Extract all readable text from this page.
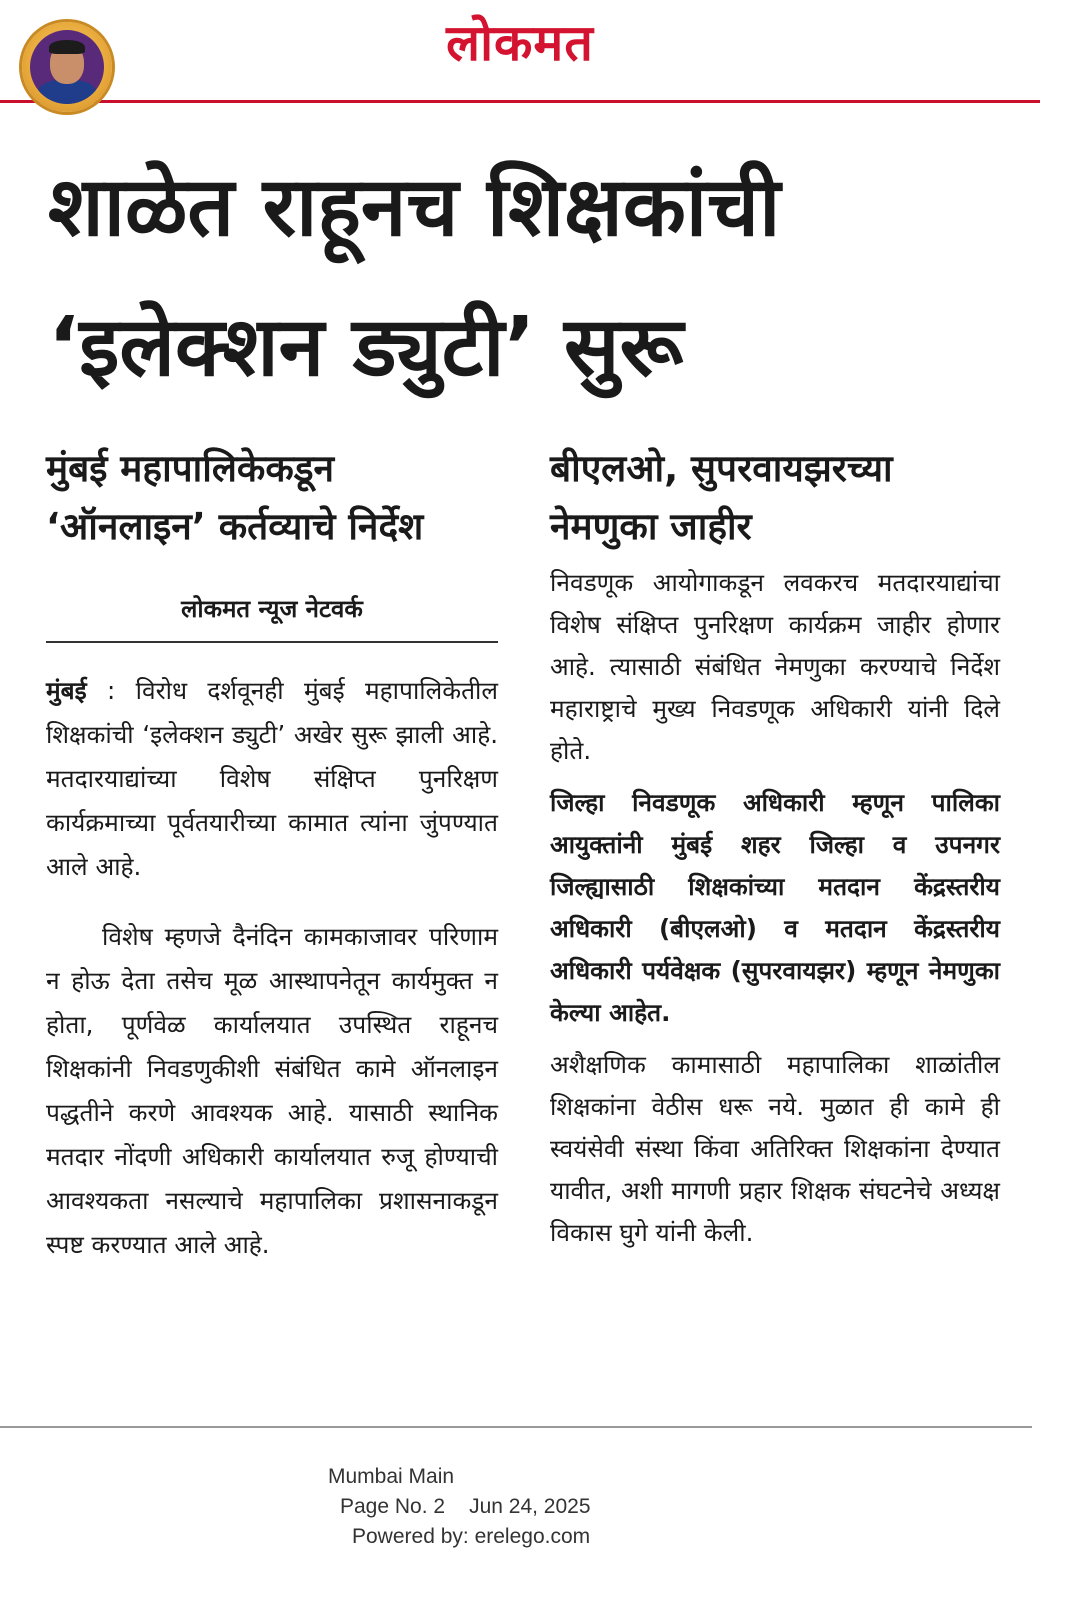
लोकमत
शाळेत राहूनच शिक्षकांची
‘इलेक्शन ड्युटी’ सुरू

मुंबई महापालिकेकडून

‘ऑनलाइन’ कर्तव्याचे निर्देश

लोकमत न्यूज नेटवर्क

मुंबई : विरोध दर्शवूनही मुंबई महापालिकेतील शिक्षकांची ‘इलेक्शन ड्युटी’ अखेर सुरू झाली आहे. मतदारयाद्यांच्या विशेष संक्षिप्त पुनरिक्षण कार्यक्रमाच्या पूर्वतयारीच्या कामात त्यांना जुंपण्यात आले आहे.

विशेष म्हणजे दैनंदिन कामकाजावर परिणाम न होऊ देता तसेच मूळ आस्थापनेतून कार्यमुक्त न होता, पूर्णवेळ कार्यालयात उपस्थित राहूनच शिक्षकांनी निवडणुकीशी संबंधित कामे ऑनलाइन पद्धतीने करणे आवश्यक आहे. यासाठी स्थानिक मतदार नोंदणी अधिकारी कार्यालयात रुजू होण्याची आवश्यकता नसल्याचे महापालिका प्रशासनाकडून स्पष्ट करण्यात आले आहे.

बीएलओ, सुपरवायझरच्या

नेमणुका जाहीर

निवडणूक आयोगाकडून लवकरच मतदारयाद्यांचा विशेष संक्षिप्त पुनरिक्षण कार्यक्रम जाहीर होणार आहे. त्यासाठी संबंधित नेमणुका करण्याचे निर्देश महाराष्ट्राचे मुख्य निवडणूक अधिकारी यांनी दिले होते.

जिल्हा निवडणूक अधिकारी म्हणून पालिका आयुक्तांनी मुंबई शहर जिल्हा व उपनगर जिल्ह्यासाठी शिक्षकांच्या मतदान केंद्रस्तरीय अधिकारी (बीएलओ) व मतदान केंद्रस्तरीय अधिकारी पर्यवेक्षक (सुपरवायझर) म्हणून नेमणुका केल्या आहेत.

अशैक्षणिक कामासाठी महापालिका शाळांतील शिक्षकांना वेठीस धरू नये. मुळात ही कामे ही स्वयंसेवी संस्था किंवा अतिरिक्त शिक्षकांना देण्यात यावीत, अशी मागणी प्रहार शिक्षक संघटनेचे अध्यक्ष विकास घुगे यांनी केली.

Mumbai Main
Page No. 2 Jun 24, 2025
Powered by: erelego.com
